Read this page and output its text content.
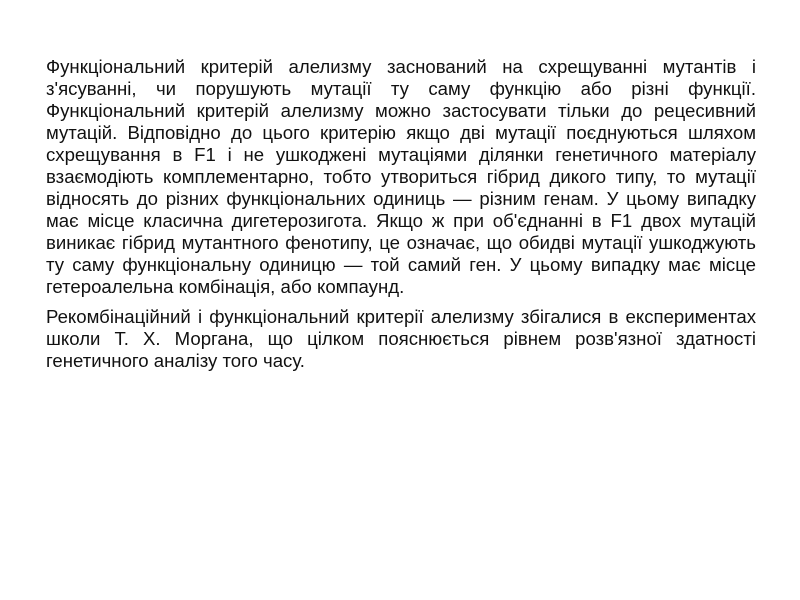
Функціональний критерій алелизму заснований на схрещуванні мутантів і з'ясуванні, чи порушують мутації ту саму функцію або різні функції. Функціональний критерій алелизму можно застосувати тільки до рецесивний мутацій. Відповідно до цього критерію якщо дві мутації поєднуються шляхом схрещування в F1 і не ушкоджені мутаціями ділянки генетичного матеріалу взаємодіють комплементарно, тобто утвориться гібрид дикого типу, то мутації відносять до різних функціональних одиниць — різним генам. У цьому випадку має місце класична дигетерозигота. Якщо ж при об'єднанні в F1 двох мутацій виникає гібрид мутантного фенотипу, це означає, що обидві мутації ушкоджують ту саму функціональну одиницю — той самий ген. У цьому випадку має місце гетероалельна комбінація, або компаунд.

Рекомбінаційний і функціональний критерії алелизму збігалися в експериментах школи Т. Х. Моргана, що цілком пояснюється рівнем розв'язної здатності генетичного аналізу того часу.
